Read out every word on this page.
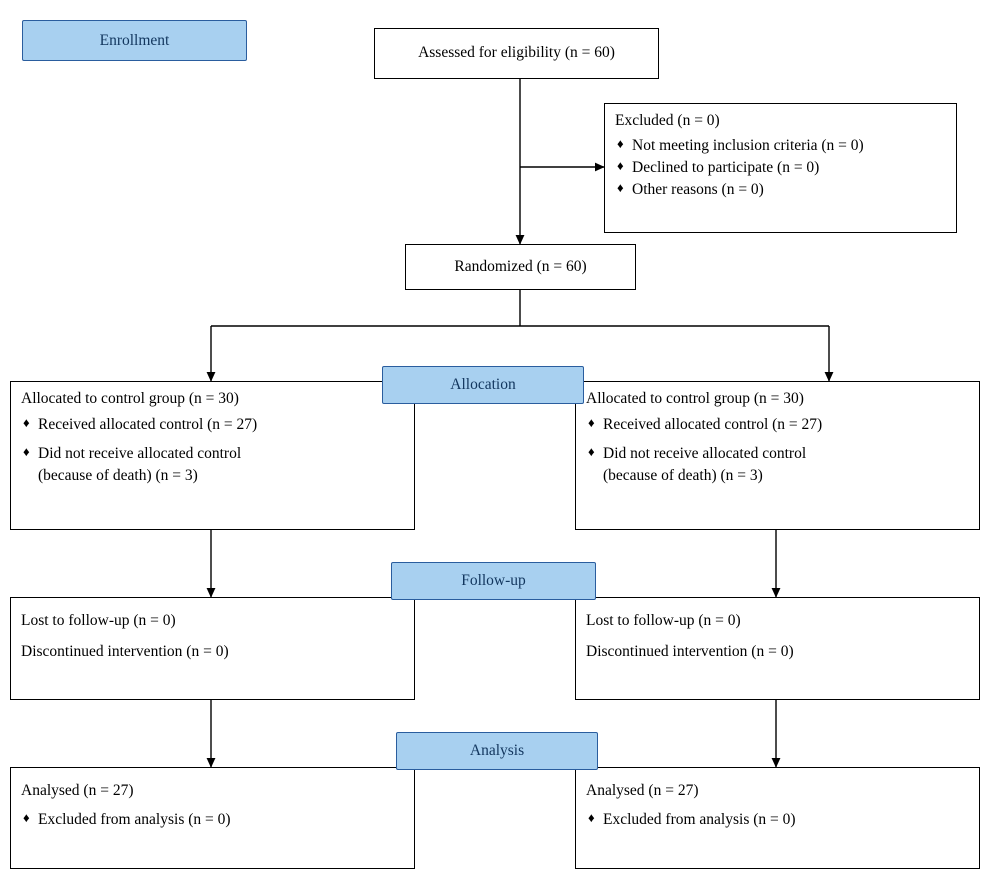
Enrollment
Assessed for eligibility (n = 60)
Excluded (n = 0)
♦ Not meeting inclusion criteria (n = 0)
♦ Declined to participate (n = 0)
♦ Other reasons (n = 0)
Randomized (n = 60)
Allocation
Allocated to control group (n = 30)
♦ Received allocated control (n = 27)
♦ Did not receive allocated control
(because of death) (n = 3)
Allocated to control group (n = 30)
♦ Received allocated control (n = 27)
♦ Did not receive allocated control
(because of death) (n = 3)
Follow-up
Lost to follow-up (n = 0)
Discontinued intervention (n = 0)
Lost to follow-up (n = 0)
Discontinued intervention (n = 0)
Analysis
Analysed (n = 27)
♦ Excluded from analysis (n = 0)
Analysed (n = 27)
♦ Excluded from analysis (n = 0)
